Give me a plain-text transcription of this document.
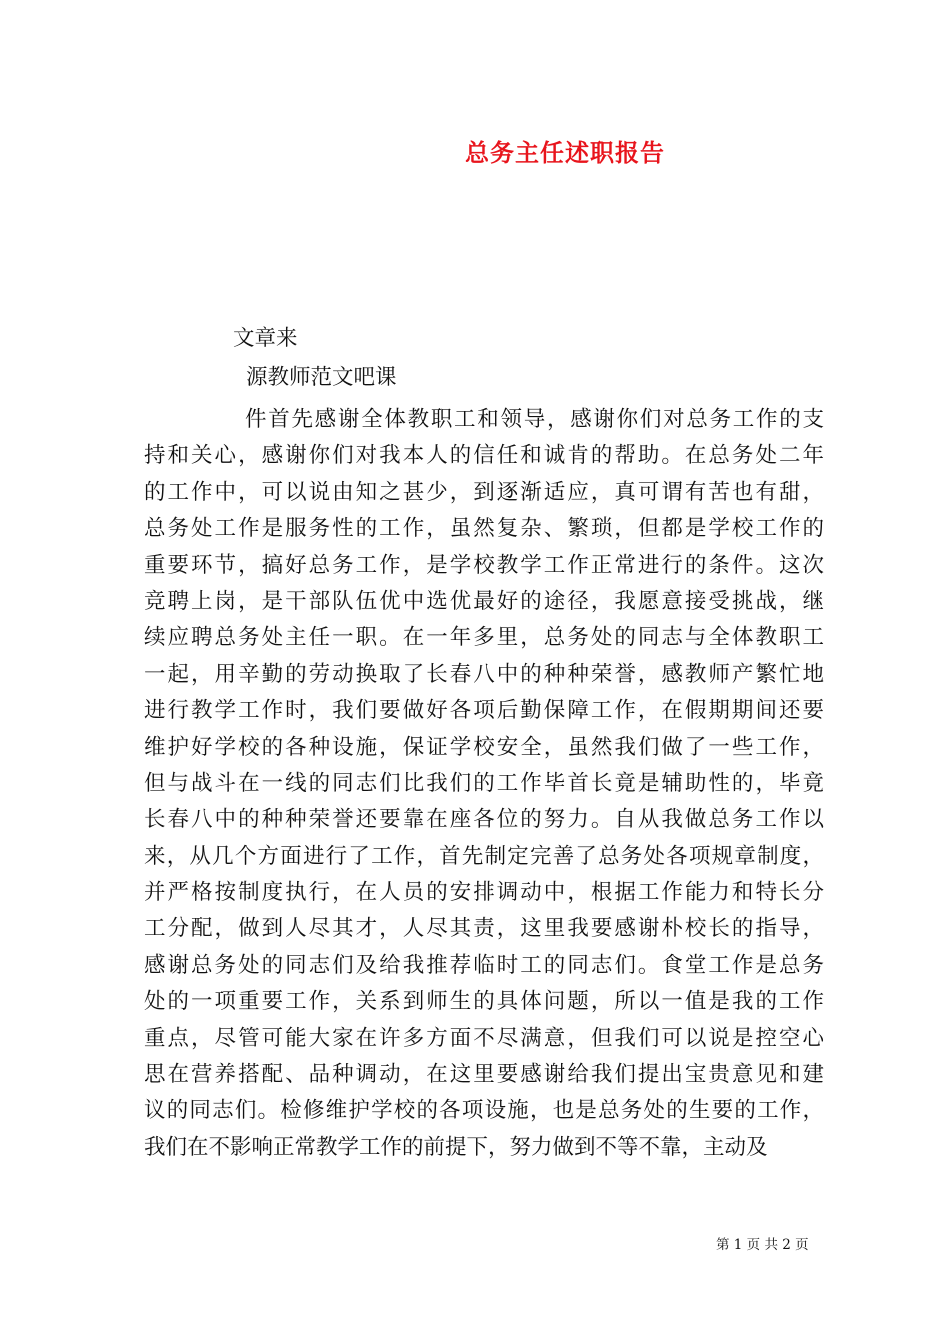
总务主任述职报告
文章来
源教师范文吧课
件首先感谢全体教职工和领导，感谢你们对总务工作的支
持和关心，感谢你们对我本人的信任和诚肯的帮助。在总务处二年
的工作中，可以说由知之甚少，到逐渐适应，真可谓有苦也有甜，
总务处工作是服务性的工作，虽然复杂、繁琐，但都是学校工作的
重要环节，搞好总务工作，是学校教学工作正常进行的条件。这次
竞聘上岗，是干部队伍优中选优最好的途径，我愿意接受挑战，继
续应聘总务处主任一职。在一年多里，总务处的同志与全体教职工
一起，用辛勤的劳动换取了长春八中的种种荣誉，感教师产繁忙地
进行教学工作时，我们要做好各项后勤保障工作，在假期期间还要
维护好学校的各种设施，保证学校安全，虽然我们做了一些工作，
但与战斗在一线的同志们比我们的工作毕首长竟是辅助性的，毕竟
长春八中的种种荣誉还要靠在座各位的努力。自从我做总务工作以
来，从几个方面进行了工作，首先制定完善了总务处各项规章制度，
并严格按制度执行，在人员的安排调动中，根据工作能力和特长分
工分配，做到人尽其才，人尽其责，这里我要感谢朴校长的指导，
感谢总务处的同志们及给我推荐临时工的同志们。食堂工作是总务
处的一项重要工作，关系到师生的具体问题，所以一值是我的工作
重点，尽管可能大家在许多方面不尽满意，但我们可以说是控空心
思在营养搭配、品种调动，在这里要感谢给我们提出宝贵意见和建
议的同志们。检修维护学校的各项设施，也是总务处的生要的工作，
我们在不影响正常教学工作的前提下，努力做到不等不靠，主动及
第 1 页 共 2 页
